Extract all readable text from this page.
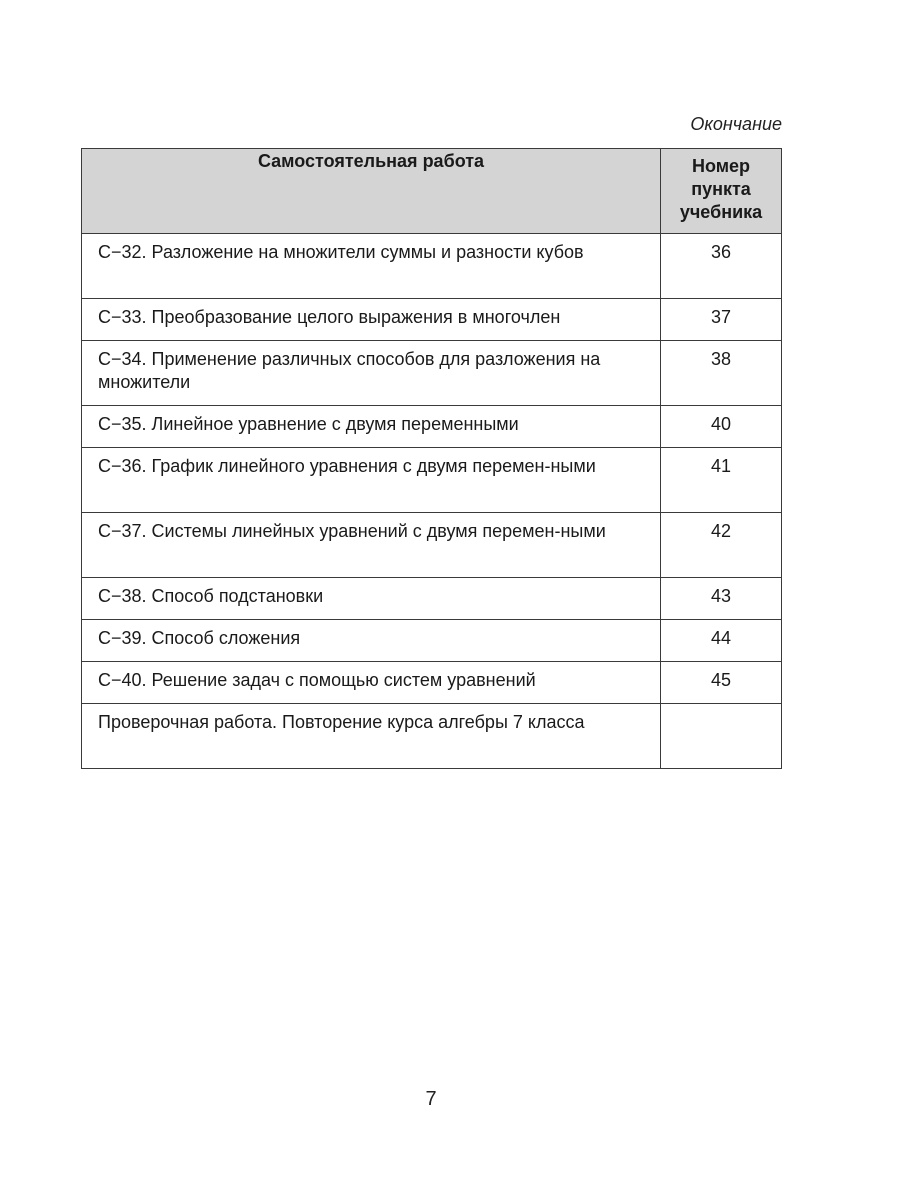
Окончание
Самостоятельная работа	Номер
пункта
учебника

С−32. Разложение на множители суммы и разности кубов	36
С−33. Преобразование целого выражения в многочлен	37
С−34. Применение различных способов для разложения на множители	38
С−35. Линейное уравнение с двумя переменными	40
С−36. График линейного уравнения с двумя перемен-ными	41
С−37. Системы линейных уравнений с двумя перемен-ными	42
С−38. Способ подстановки	43
С−39. Способ сложения	44
С−40. Решение задач с помощью систем уравнений	45
Проверочная работа. Повторение курса алгебры 7 класса	
7
